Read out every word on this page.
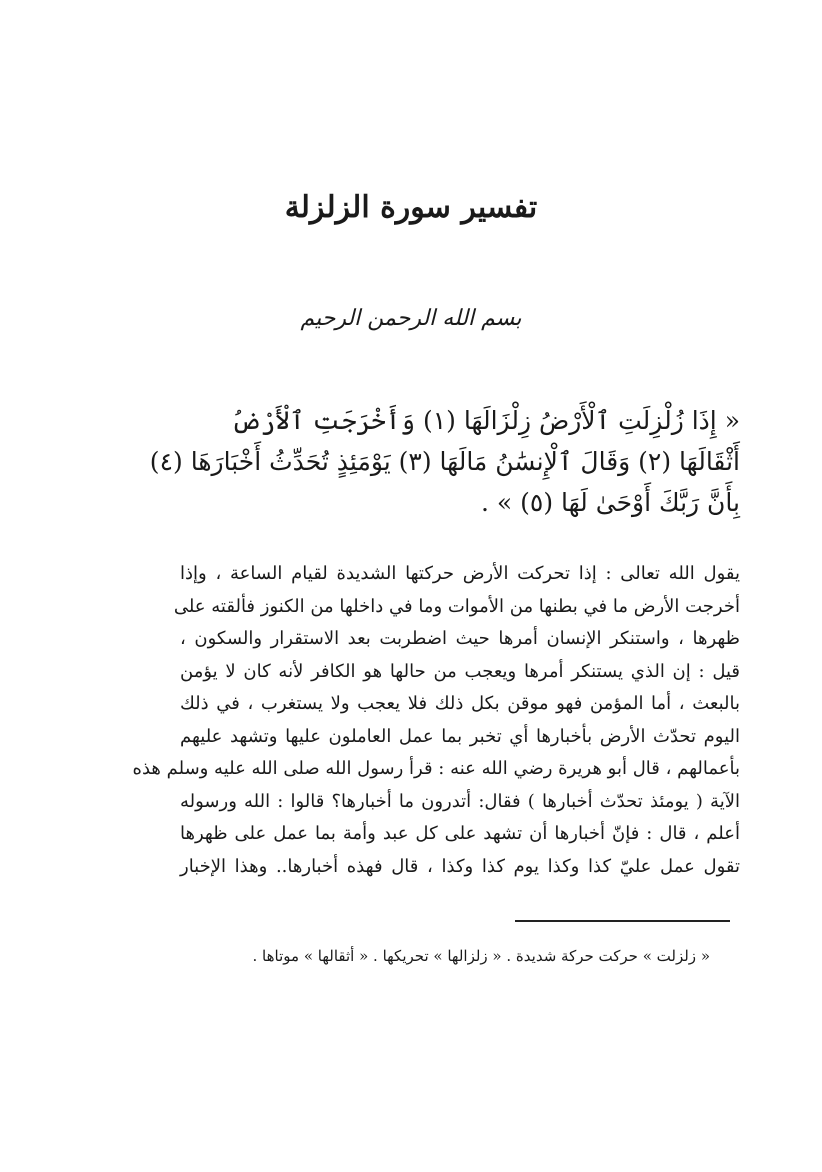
تفسير سورة الزلزلة
بسم الله الرحمن الرحيم
« إِذَا زُلْزِلَتِ ٱلْأَرْضُ زِلْزَالَهَا (١) وَأَخْرَجَتِ ٱلْأَرْضُ
أَثْقَالَهَا (٢) وَقَالَ ٱلْإِنسَٰنُ مَالَهَا (٣) يَوْمَئِذٍ تُحَدِّثُ أَخْبَارَهَا (٤)
بِأَنَّ رَبَّكَ أَوْحَىٰ لَهَا (٥) » .
يقول الله تعالى : إذا تحركت الأرض حركتها الشديدة لقيام الساعة ، وإذا
أخرجت الأرض ما في بطنها من الأموات وما في داخلها من الكنوز فألقته على
ظهرها ، واستنكر الإنسان أمرها حيث اضطربت بعد الاستقرار والسكون ،
قيل : إن الذي يستنكر أمرها ويعجب من حالها هو الكافر لأنه كان لا يؤمن
بالبعث ، أما المؤمن فهو موقن بكل ذلك فلا يعجب ولا يستغرب ، في ذلك
اليوم تحدّث الأرض بأخبارها أي تخبر بما عمل العاملون عليها وتشهد عليهم
بأعمالهم ، قال أبو هريرة رضي الله عنه : قرأ رسول الله صلى الله عليه وسلم هذه
الآية ( يومئذ تحدّث أخبارها ) فقال: أتدرون ما أخبارها؟ قالوا : الله ورسوله
أعلم ، قال : فإنّ أخبارها أن تشهد على كل عبد وأمة بما عمل على ظهرها
تقول عمل عليّ كذا وكذا يوم كذا وكذا ، قال فهذه أخبارها.. وهذا الإخبار
« زلزلت » حركت حركة شديدة . « زلزالها » تحريكها . « أثقالها » موتاها .
